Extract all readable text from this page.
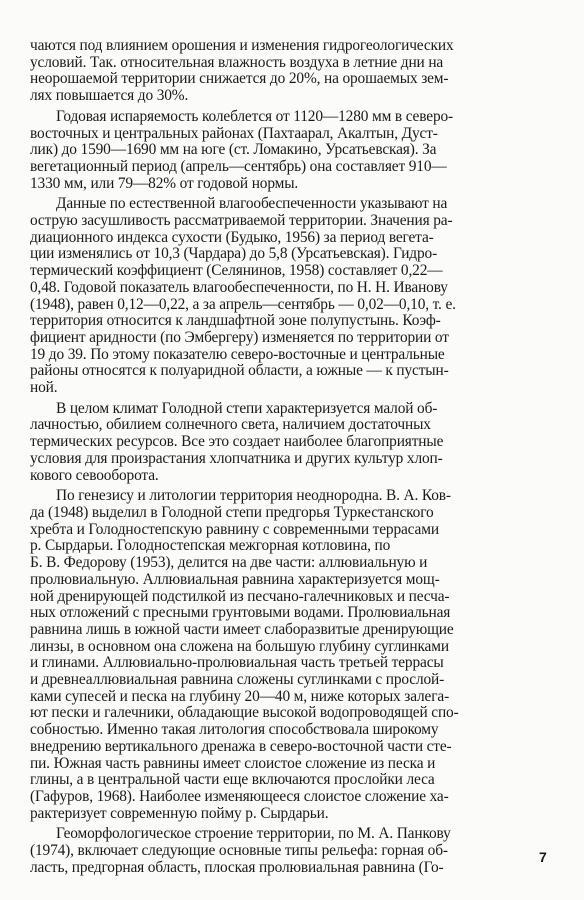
чаются под влиянием орошения и изменения гидрогеологических
условий. Так. относительная влажность воздуха в летние дни на
неорошаемой территории снижается до 20%, на орошаемых зем-
лях повышается до 30%.
Годовая испаряемость колеблется от 1120—1280 мм в северо-
восточных и центральных районах (Пахтаарал, Акалтын, Дуст-
лик) до 1590—1690 мм на юге (ст. Ломакино, Урсатьевская). За
вегетационный период (апрель—сентябрь) она составляет 910—
1330 мм, или 79—82% от годовой нормы.
Данные по естественной влагообеспеченности указывают на
острую засушливость рассматриваемой территории. Значения ра-
диационного индекса сухости (Будыко, 1956) за период вегета-
ции изменялись от 10,3 (Чардара) до 5,8 (Урсатьевская). Гидро-
термический коэффициент (Селянинов, 1958) составляет 0,22—
0,48. Годовой показатель влагообеспеченности, по Н. Н. Иванову
(1948), равен 0,12—0,22, а за апрель—сентябрь — 0,02—0,10, т. е.
территория относится к ландшафтной зоне полупустынь. Коэф-
фициент аридности (по Эмбергеру) изменяется по территории от
19 до 39. По этому показателю северо-восточные и центральные
районы относятся к полуаридной области, а южные — к пустын-
ной.
В целом климат Голодной степи характеризуется малой об-
лачностью, обилием солнечного света, наличием достаточных
термических ресурсов. Все это создает наиболее благоприятные
условия для произрастания хлопчатника и других культур хлоп-
кового севооборота.
По генезису и литологии территория неоднородна. В. А. Ков-
да (1948) выделил в Голодной степи предгорья Туркестанского
хребта и Голодностепскую равнину с современными террасами
р. Сырдарьи. Голодностепская межгорная котловина, по
Б. В. Федорову (1953), делится на две части: аллювиальную и
пролювиальную. Аллювиальная равнина характеризуется мощ-
ной дренирующей подстилкой из песчано-галечниковых и песча-
ных отложений с пресными грунтовыми водами. Пролювиальная
равнина лишь в южной части имеет слаборазвитые дренирующие
линзы, в основном она сложена на большую глубину суглинками
и глинами. Аллювиально-пролювиальная часть третьей террасы
и древнеаллювиальная равнина сложены суглинками с прослой-
ками супесей и песка на глубину 20—40 м, ниже которых залега-
ют пески и галечники, обладающие высокой водопроводящей спо-
собностью. Именно такая литология способствовала широкому
внедрению вертикального дренажа в северо-восточной части сте-
пи. Южная часть равнины имеет слоистое сложение из песка и
глины, а в центральной части еще включаются прослойки леса
(Гафуров, 1968). Наиболее изменяющееся слоистое сложение ха-
рактеризует современную пойму р. Сырдарьи.
Геоморфологическое строение территории, по М. А. Панкову
(1974), включает следующие основные типы рельефа: горная об-
ласть, предгорная область, плоская пролювиальная равнина (Го-
7
